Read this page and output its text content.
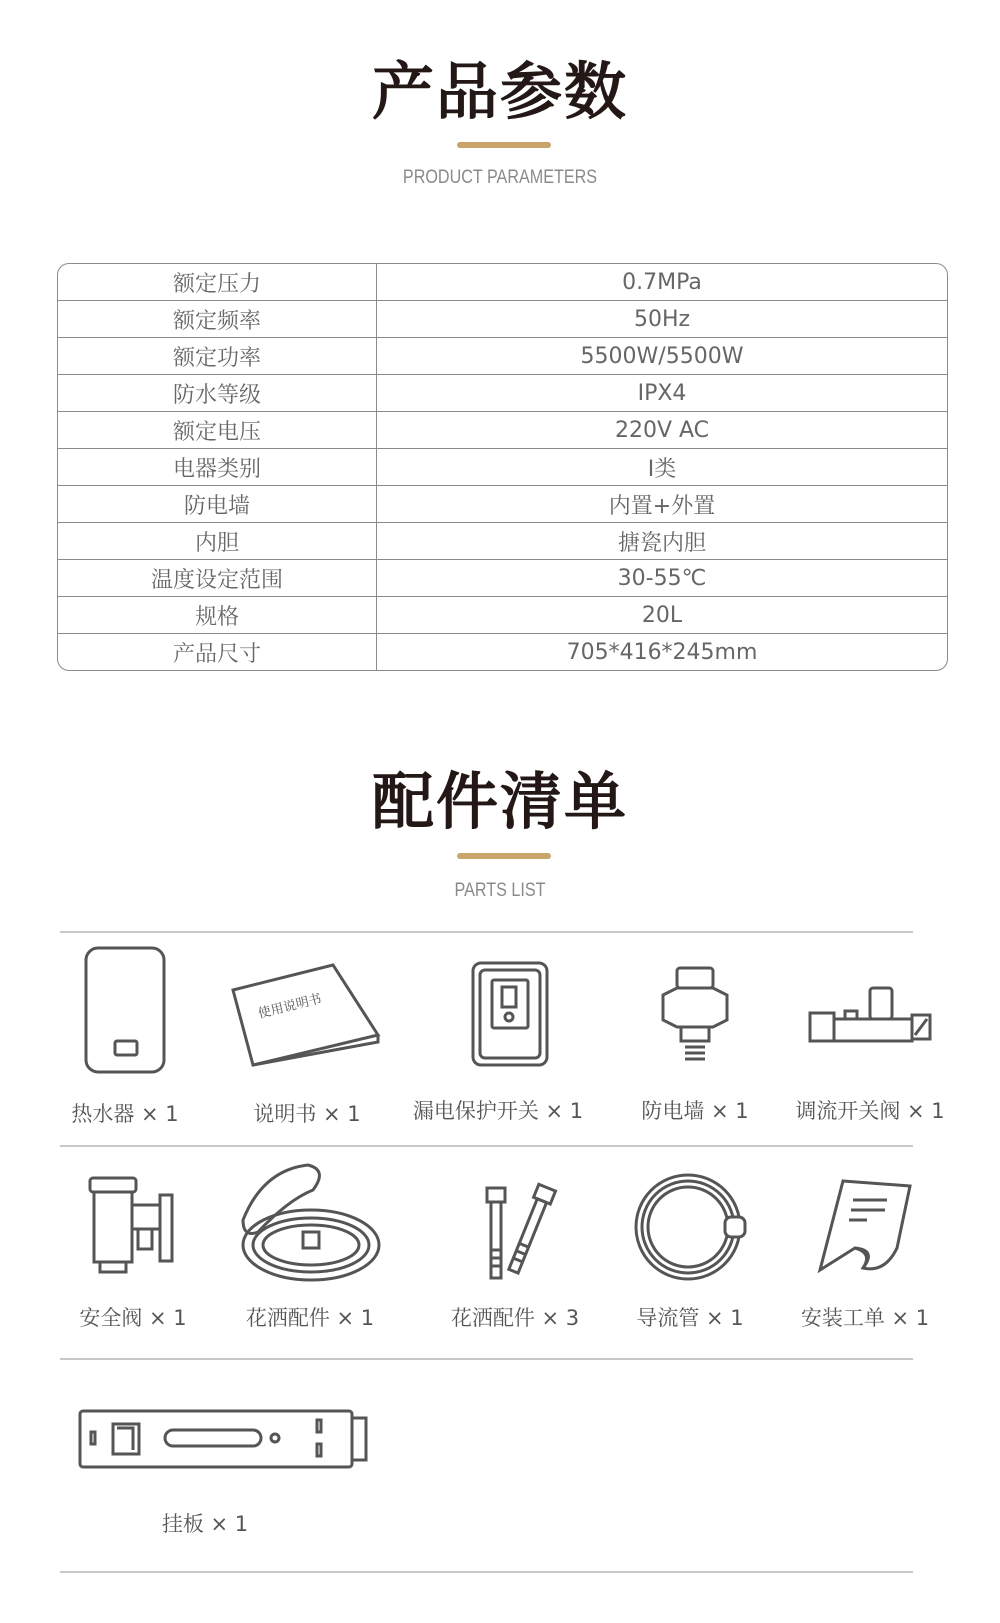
产品参数
PRODUCT PARAMETERS
额定压力	0.7MPa
额定频率	50Hz
额定功率	5500W/5500W
防水等级	IPX4
额定电压	220V AC
电器类别	Ⅰ类
防电墙	内置+外置
内胆	搪瓷内胆
温度设定范围	30-55℃
规格	20L
产品尺寸	705*416*245mm
配件清单
PARTS LIST
使用说明书
热水器 × 1	说明书 × 1	漏电保护开关 × 1	防电墙 × 1	调流开关阀 × 1
安全阀 × 1	花洒配件 × 1	花洒配件 × 3	导流管 × 1	安装工单 × 1
挂板 × 1
